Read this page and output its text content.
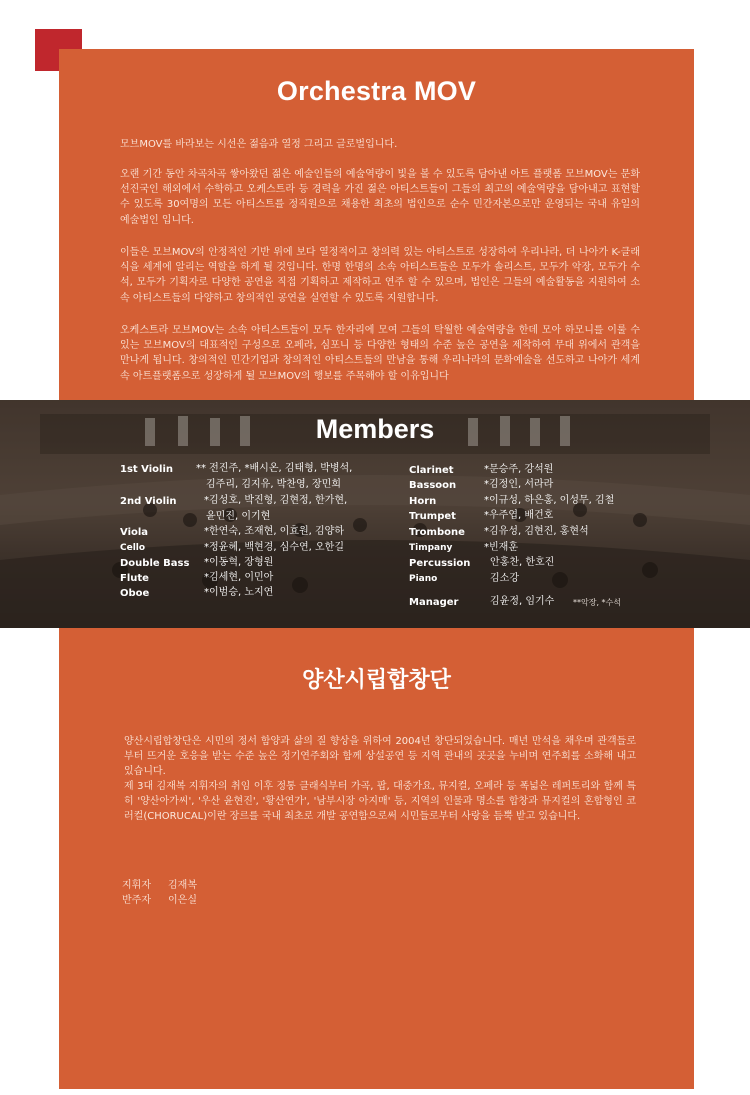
Orchestra MOV

모브MOV를 바라보는 시선은 젊음과 열정 그리고 글로벌입니다.

오랜 기간 동안 차곡차곡 쌓아왔던 젊은 예술인들의 예술역량이 빛을 볼 수 있도록 담아낸 아트 플랫폼 모브MOV는 문화선진국인 해외에서 수학하고 오케스트라 등 경력을 가진 젊은 아티스트들이 그들의 최고의 예술역량을 담아내고 표현할 수 있도록 30여명의 모든 아티스트를 정직원으로 채용한 최초의 법인으로 순수 민간자본으로만 운영되는 국내 유일의 예술법인 입니다.

이들은 모브MOV의 안정적인 기반 위에 보다 열정적이고 창의력 있는 아티스트로 성장하여 우리나라, 더 나아가 K-클래식을 세계에 알리는 역할을 하게 될 것입니다. 한명 한명의 소속 아티스트들은 모두가 솔리스트, 모두가 악장, 모두가 수석, 모두가 기획자로 다양한 공연을 직접 기획하고 제작하고 연주 할 수 있으며, 법인은 그들의 예술활동을 지원하여 소속 아티스트들의 다양하고 창의적인 공연을 실연할 수 있도록 지원합니다.

오케스트라 모브MOV는 소속 아티스트들이 모두 한자리에 모여 그들의 탁월한 예술역량을 한데 모아 하모니를 이룰 수 있는 모브MOV의 대표적인 구성으로 오페라, 심포니 등 다양한 형태의 수준 높은 공연을 제작하여 무대 위에서 관객을 만나게 됩니다. 창의적인 민간기업과 창의적인 아티스트들의 만남을 통해 우리나라의 문화예술을 선도하고 나아가 세계 속 아트플랫폼으로 성장하게 될 모브MOV의 행보를 주목해야 할 이유입니다

Members
1st Violin ** 전진주, *배시온, 김태형, 박병석,
김주리, 김지유, 박찬영, 장민희
2nd Violin	*김성호, 박진형, 김현정, 한가현,
윤민진, 이기현
Viola	*한연숙, 조재현, 이효원, 김양하
Cello	*정윤혜, 백현경, 심수연, 오한길
Double Bass *이동혁, 장형원
Flute	*김세현, 이민아
Oboe	*이범승, 노지연
Clarinet	*문승주, 강석원
Bassoon	*김정인, 서라라
Horn	*이규성, 하은홍, 이성무, 김철
Trumpet	*우주엽, 배건호
Trombone *김유성, 김현진, 홍현석
Timpany	*빈재훈
Percussion 안홍찬, 한호진
Piano	김소강
Manager	김윤정, 임기수 **악장, *수석
양산시립합창단

양산시립합창단은 시민의 정서 함양과 삶의 질 향상을 위하여 2004년 창단되었습니다. 매년 만석을 채우며 관객들로부터 뜨거운 호응을 받는 수준 높은 정기연주회와 함께 상설공연 등 지역 관내의 곳곳을 누비며 연주회를 소화해 내고 있습니다.

제 3대 김재복 지휘자의 취임 이후 정통 클래식부터 가곡, 팝, 대중가요, 뮤지컬, 오페라 등 폭넓은 레퍼토리와 함께 특히 '양산아가씨', '우산 윤현진', '황산연가', '남부시장 아지매' 등, 지역의 인물과 명소를 합창과 뮤지컬의 혼합형인 코러컬(CHORUCAL)이란 장르를 국내 최초로 개발 공연함으로써 시민들로부터 사랑을 듬뿍 받고 있습니다.

지휘자 김재복
반주자 이은실
